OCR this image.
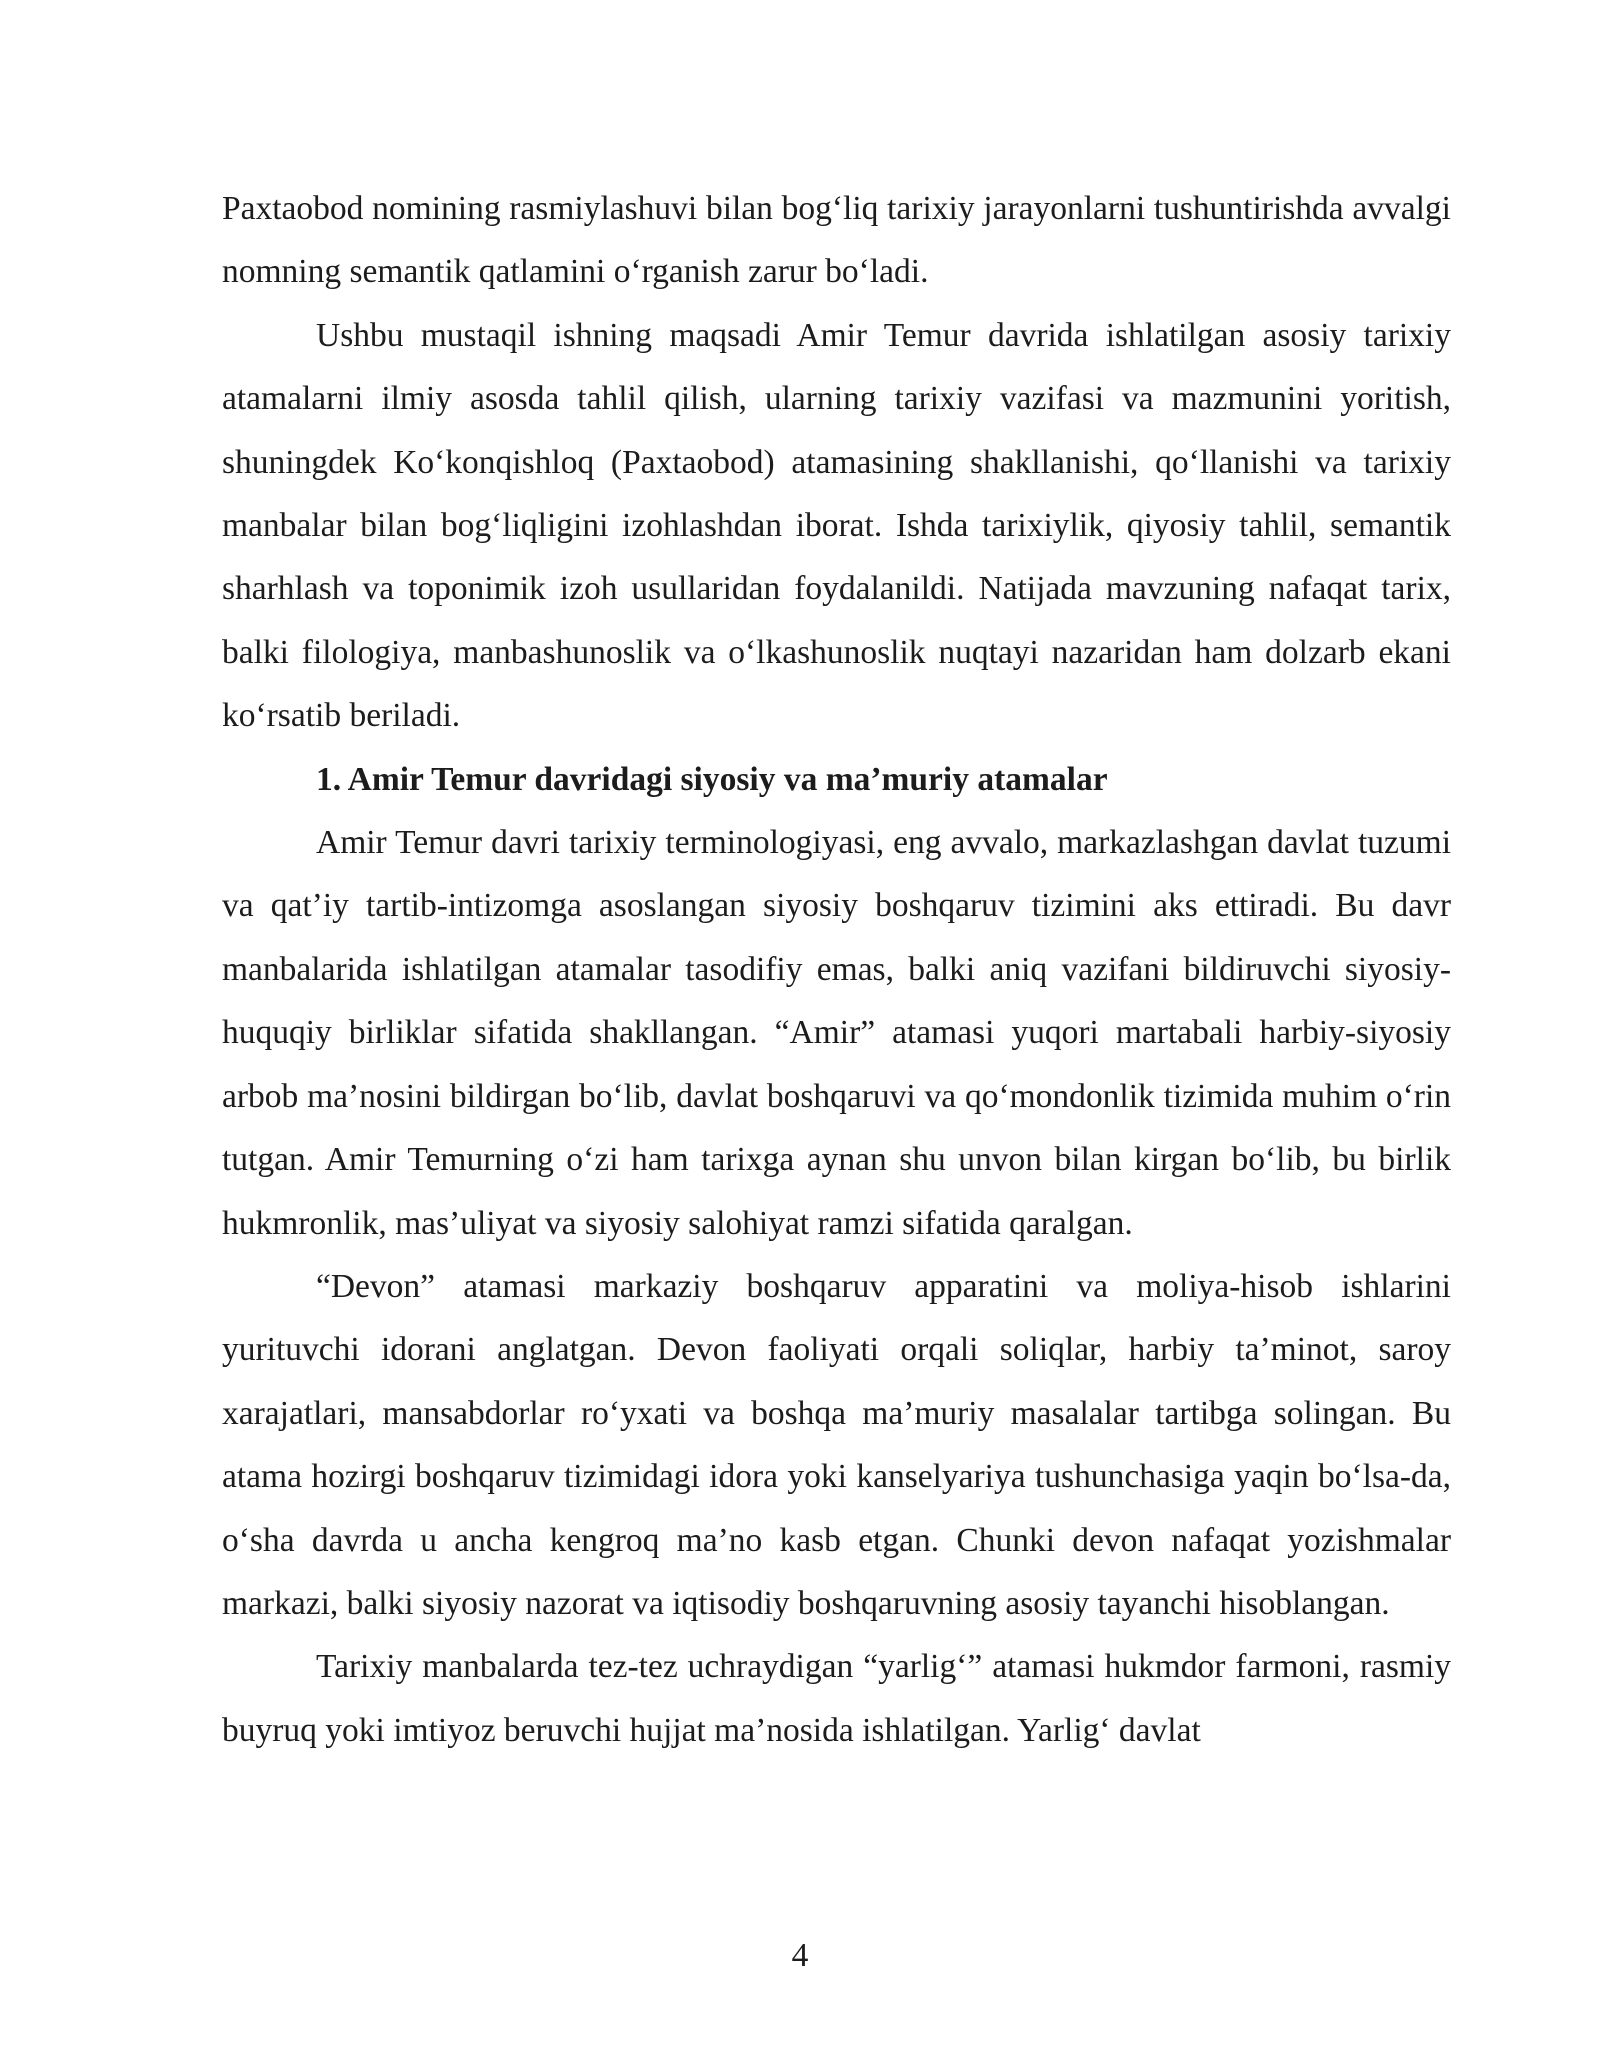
Paxtaobod nomining rasmiylashuvi bilan bog‘liq tarixiy jarayonlarni tushuntirishda avvalgi nomning semantik qatlamini o‘rganish zarur bo‘ladi.

Ushbu mustaqil ishning maqsadi Amir Temur davrida ishlatilgan asosiy tarixiy atamalarni ilmiy asosda tahlil qilish, ularning tarixiy vazifasi va mazmunini yoritish, shuningdek Ko‘konqishloq (Paxtaobod) atamasining shakllanishi, qo‘llanishi va tarixiy manbalar bilan bog‘liqligini izohlashdan iborat. Ishda tarixiylik, qiyosiy tahlil, semantik sharhlash va toponimik izoh usullaridan foydalanildi. Natijada mavzuning nafaqat tarix, balki filologiya, manbashunoslik va o‘lkashunoslik nuqtayi nazaridan ham dolzarb ekani ko‘rsatib beriladi.

1. Amir Temur davridagi siyosiy va ma’muriy atamalar

Amir Temur davri tarixiy terminologiyasi, eng avvalo, markazlashgan davlat tuzumi va qat’iy tartib-intizomga asoslangan siyosiy boshqaruv tizimini aks ettiradi. Bu davr manbalarida ishlatilgan atamalar tasodifiy emas, balki aniq vazifani bildiruvchi siyosiy-huquqiy birliklar sifatida shakllangan. “Amir” atamasi yuqori martabali harbiy-siyosiy arbob ma’nosini bildirgan bo‘lib, davlat boshqaruvi va qo‘mondonlik tizimida muhim o‘rin tutgan. Amir Temurning o‘zi ham tarixga aynan shu unvon bilan kirgan bo‘lib, bu birlik hukmronlik, mas’uliyat va siyosiy salohiyat ramzi sifatida qaralgan.

“Devon” atamasi markaziy boshqaruv apparatini va moliya-hisob ishlarini yurituvchi idorani anglatgan. Devon faoliyati orqali soliqlar, harbiy ta’minot, saroy xarajatlari, mansabdorlar ro‘yxati va boshqa ma’muriy masalalar tartibga solingan. Bu atama hozirgi boshqaruv tizimidagi idora yoki kanselyariya tushunchasiga yaqin bo‘lsa-da, o‘sha davrda u ancha kengroq ma’no kasb etgan. Chunki devon nafaqat yozishmalar markazi, balki siyosiy nazorat va iqtisodiy boshqaruvning asosiy tayanchi hisoblangan.

Tarixiy manbalarda tez-tez uchraydigan “yarlig‘” atamasi hukmdor farmoni, rasmiy buyruq yoki imtiyoz beruvchi hujjat ma’nosida ishlatilgan. Yarlig‘ davlat

4
